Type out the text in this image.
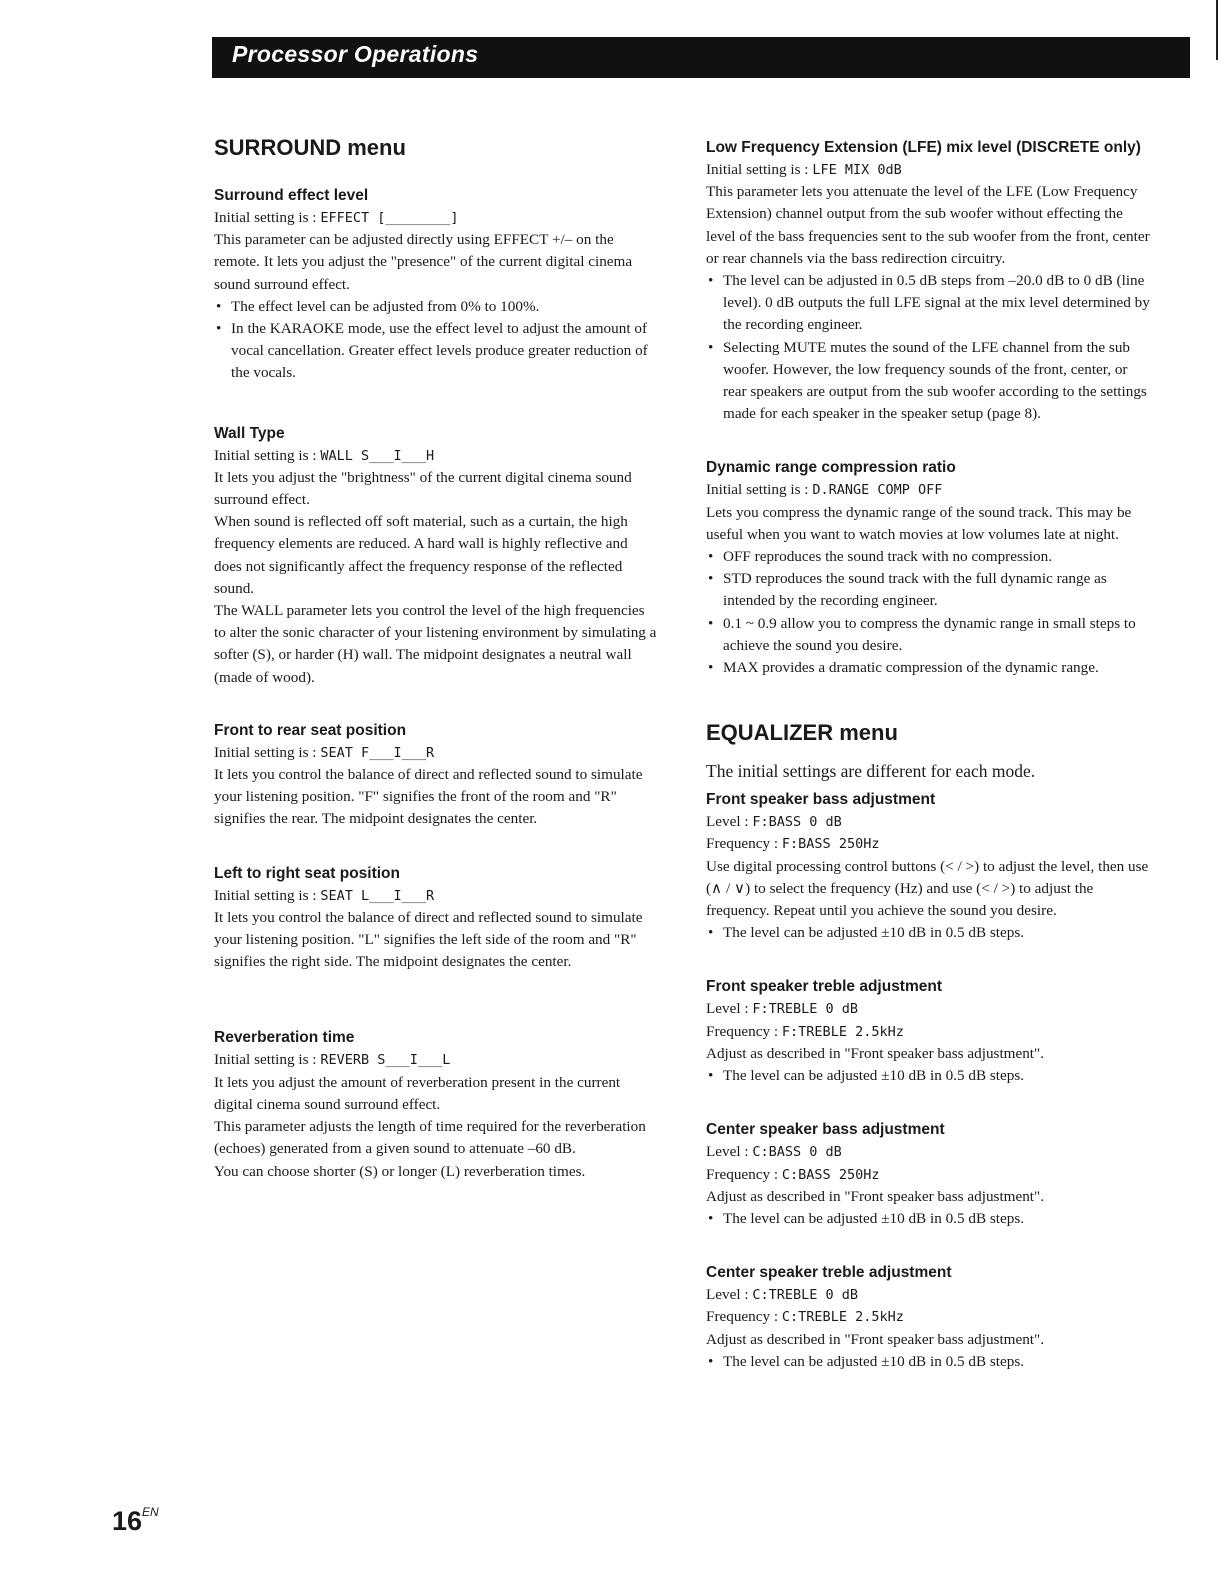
Processor Operations
SURROUND menu
Surround effect level

Initial setting is : EFFECT [________]

This parameter can be adjusted directly using EFFECT +/– on the remote. It lets you adjust the "presence" of the current digital cinema sound surround effect.

• The effect level can be adjusted from 0% to 100%.
• In the KARAOKE mode, use the effect level to adjust the amount of vocal cancellation. Greater effect levels produce greater reduction of the vocals.
Wall Type

Initial setting is : WALL S___I___H

It lets you adjust the "brightness" of the current digital cinema sound surround effect.

When sound is reflected off soft material, such as a curtain, the high frequency elements are reduced. A hard wall is highly reflective and does not significantly affect the frequency response of the reflected sound.

The WALL parameter lets you control the level of the high frequencies to alter the sonic character of your listening environment by simulating a softer (S), or harder (H) wall. The midpoint designates a neutral wall (made of wood).

Front to rear seat position

Initial setting is : SEAT F___I___R

It lets you control the balance of direct and reflected sound to simulate your listening position. "F" signifies the front of the room and "R" signifies the rear. The midpoint designates the center.

Left to right seat position

Initial setting is : SEAT L___I___R

It lets you control the balance of direct and reflected sound to simulate your listening position. "L" signifies the left side of the room and "R" signifies the right side. The midpoint designates the center.

Reverberation time

Initial setting is : REVERB S___I___L

It lets you adjust the amount of reverberation present in the current digital cinema sound surround effect.

This parameter adjusts the length of time required for the reverberation (echoes) generated from a given sound to attenuate –60 dB.

You can choose shorter (S) or longer (L) reverberation times.

Low Frequency Extension (LFE) mix level (DISCRETE only)

Initial setting is : LFE MIX 0dB

This parameter lets you attenuate the level of the LFE (Low Frequency Extension) channel output from the sub woofer without effecting the level of the bass frequencies sent to the sub woofer from the front, center or rear channels via the bass redirection circuitry.

• The level can be adjusted in 0.5 dB steps from –20.0 dB to 0 dB (line level). 0 dB outputs the full LFE signal at the mix level determined by the recording engineer.
• Selecting MUTE mutes the sound of the LFE channel from the sub woofer. However, the low frequency sounds of the front, center, or rear speakers are output from the sub woofer according to the settings made for each speaker in the speaker setup (page 8).
Dynamic range compression ratio

Initial setting is : D.RANGE COMP OFF

Lets you compress the dynamic range of the sound track. This may be useful when you want to watch movies at low volumes late at night.

• OFF reproduces the sound track with no compression.
• STD reproduces the sound track with the full dynamic range as intended by the recording engineer.
• 0.1 ~ 0.9 allow you to compress the dynamic range in small steps to achieve the sound you desire.
• MAX provides a dramatic compression of the dynamic range.
EQUALIZER menu

The initial settings are different for each mode.

Front speaker bass adjustment

Level : F:BASS 0 dB

Frequency : F:BASS 250Hz

Use digital processing control buttons (< / >) to adjust the level, then use (∧ / ∨) to select the frequency (Hz) and use (< / >) to adjust the frequency. Repeat until you achieve the sound you desire.

• The level can be adjusted ±10 dB in 0.5 dB steps.
Front speaker treble adjustment

Level : F:TREBLE 0 dB

Frequency : F:TREBLE 2.5kHz

Adjust as described in "Front speaker bass adjustment".

• The level can be adjusted ±10 dB in 0.5 dB steps.
Center speaker bass adjustment

Level : C:BASS 0 dB

Frequency : C:BASS 250Hz

Adjust as described in "Front speaker bass adjustment".

• The level can be adjusted ±10 dB in 0.5 dB steps.
Center speaker treble adjustment

Level : C:TREBLE 0 dB

Frequency : C:TREBLE 2.5kHz

Adjust as described in "Front speaker bass adjustment".

• The level can be adjusted ±10 dB in 0.5 dB steps.
$16^{EN}$
